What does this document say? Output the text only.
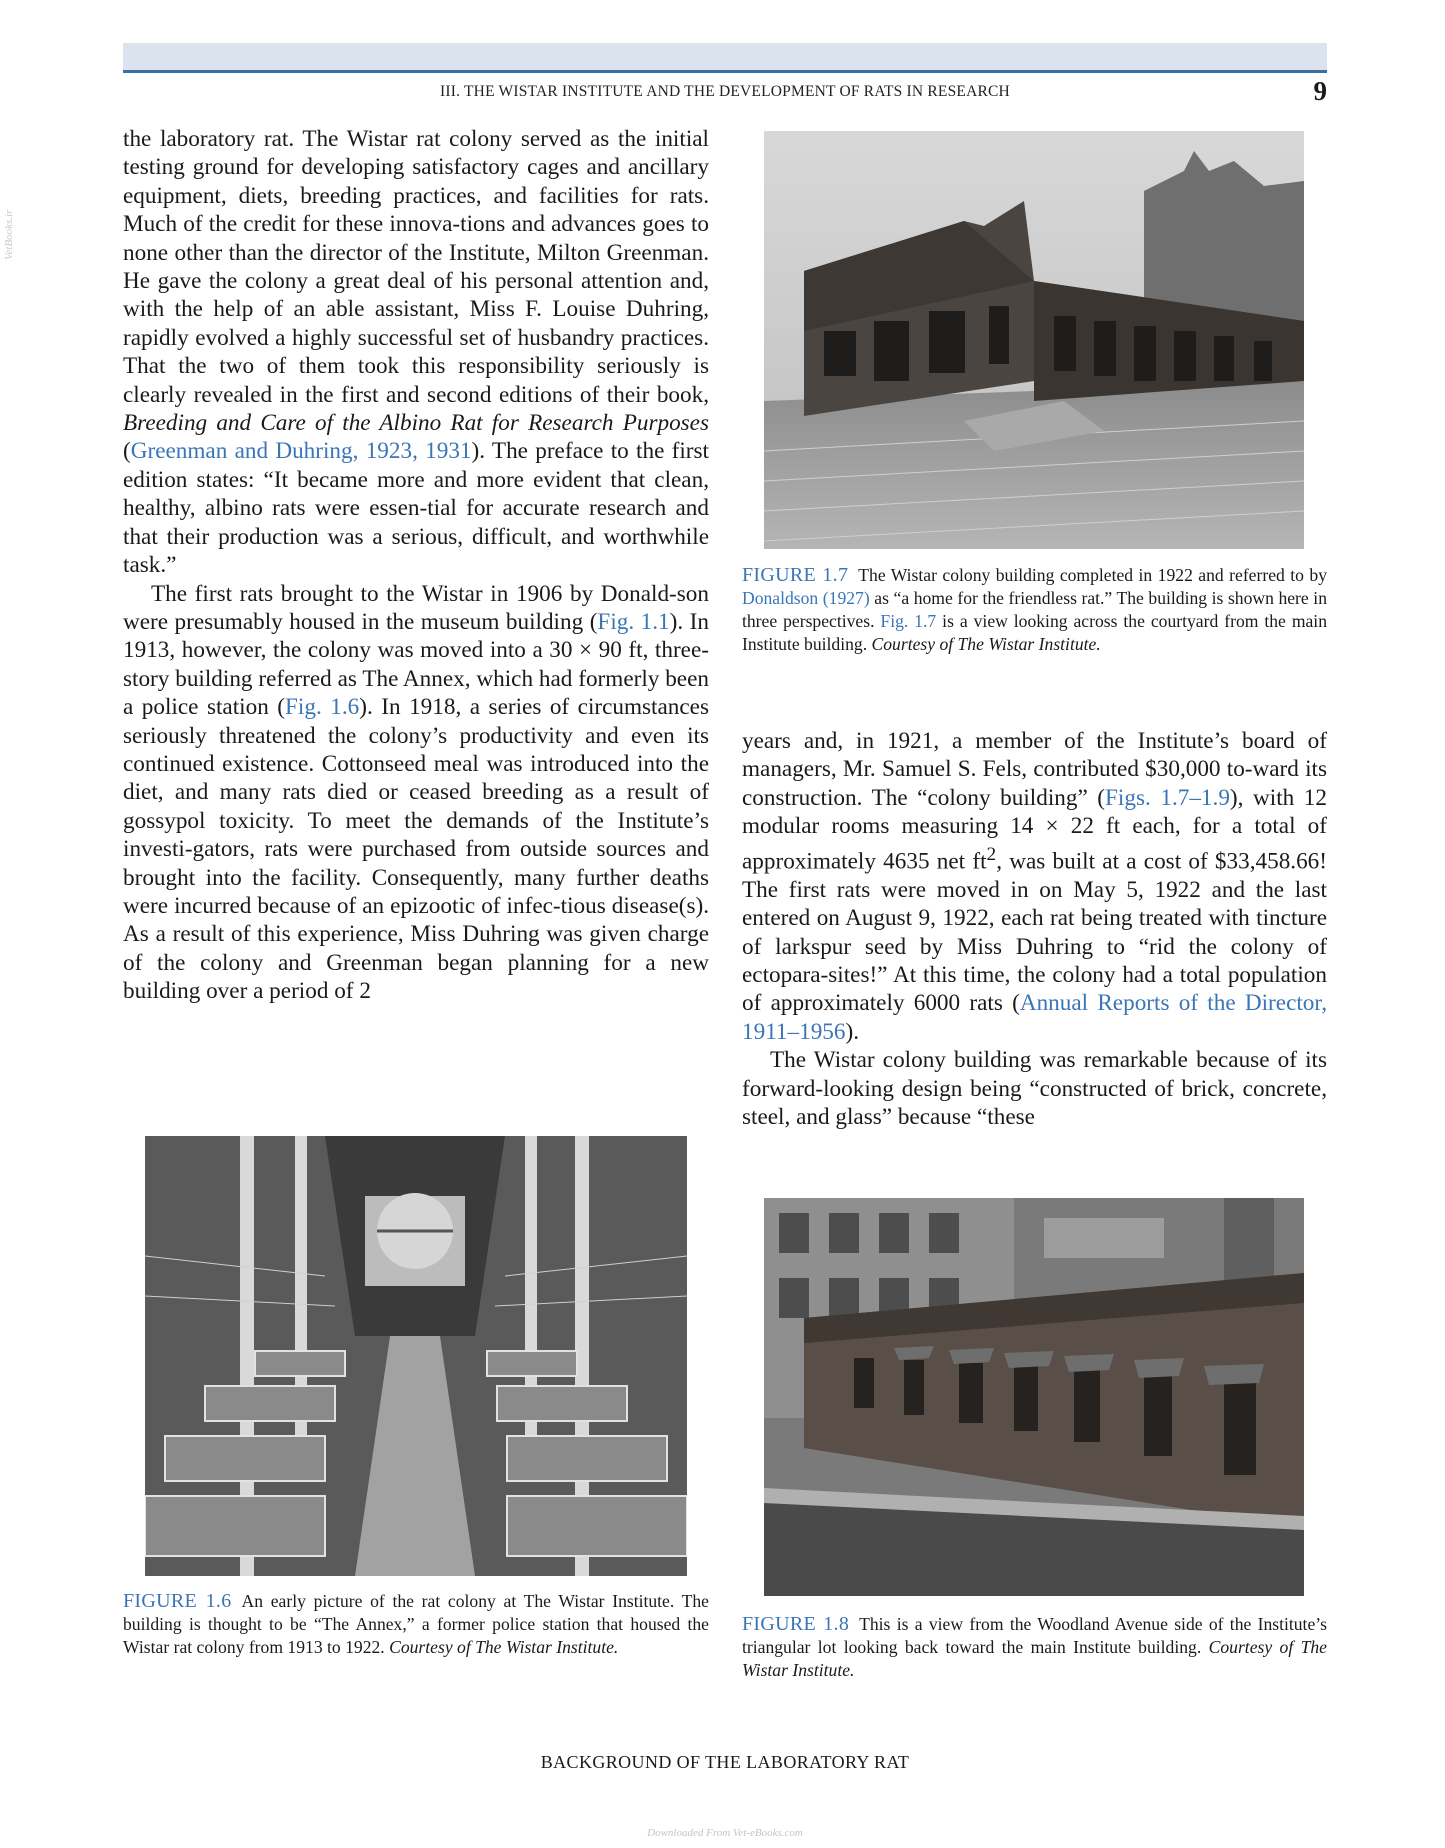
III. THE WISTAR INSTITUTE AND THE DEVELOPMENT OF RATS IN RESEARCH	9
VetBooks.ir

the laboratory rat. The Wistar rat colony served as the initial testing ground for developing satisfactory cages and ancillary equipment, diets, breeding practices, and facilities for rats. Much of the credit for these innova-tions and advances goes to none other than the director of the Institute, Milton Greenman. He gave the colony a great deal of his personal attention and, with the help of an able assistant, Miss F. Louise Duhring, rapidly evolved a highly successful set of husbandry practices. That the two of them took this responsibility seriously is clearly revealed in the first and second editions of their book, Breeding and Care of the Albino Rat for Research Purposes (Greenman and Duhring, 1923, 1931). The preface to the first edition states: “It became more and more evident that clean, healthy, albino rats were essen-tial for accurate research and that their production was a serious, difficult, and worthwhile task.”

The first rats brought to the Wistar in 1906 by Donald-son were presumably housed in the museum building (Fig. 1.1). In 1913, however, the colony was moved into a 30 × 90 ft, three-story building referred as The Annex, which had formerly been a police station (Fig. 1.6). In 1918, a series of circumstances seriously threatened the colony’s productivity and even its continued existence. Cottonseed meal was introduced into the diet, and many rats died or ceased breeding as a result of gossypol toxicity. To meet the demands of the Institute’s investi-gators, rats were purchased from outside sources and brought into the facility. Consequently, many further deaths were incurred because of an epizootic of infec-tious disease(s). As a result of this experience, Miss Duhring was given charge of the colony and Greenman began planning for a new building over a period of 2

FIGURE 1.7 The Wistar colony building completed in 1922 and referred to by Donaldson (1927) as “a home for the friendless rat.” The building is shown here in three perspectives. Fig. 1.7 is a view looking across the courtyard from the main Institute building. Courtesy of The Wistar Institute.

years and, in 1921, a member of the Institute’s board of managers, Mr. Samuel S. Fels, contributed $30,000 to-ward its construction. The “colony building” (Figs. 1.7–1.9), with 12 modular rooms measuring 14 × 22 ft each, for a total of approximately 4635 net $ft^2$, was built at a cost of $33,458.66! The first rats were moved in on May 5, 1922 and the last entered on August 9, 1922, each rat being treated with tincture of larkspur seed by Miss Duhring to “rid the colony of ectopara-sites!” At this time, the colony had a total population of approximately 6000 rats (Annual Reports of the Director, 1911–1956).

The Wistar colony building was remarkable because of its forward-looking design being “constructed of brick, concrete, steel, and glass” because “these

FIGURE 1.6 An early picture of the rat colony at The Wistar Institute. The building is thought to be “The Annex,” a former police station that housed the Wistar rat colony from 1913 to 1922. Courtesy of The Wistar Institute.
FIGURE 1.8 This is a view from the Woodland Avenue side of the Institute’s triangular lot looking back toward the main Institute building. Courtesy of The Wistar Institute.
BACKGROUND OF THE LABORATORY RAT
Downloaded From Vet-eBooks.com
